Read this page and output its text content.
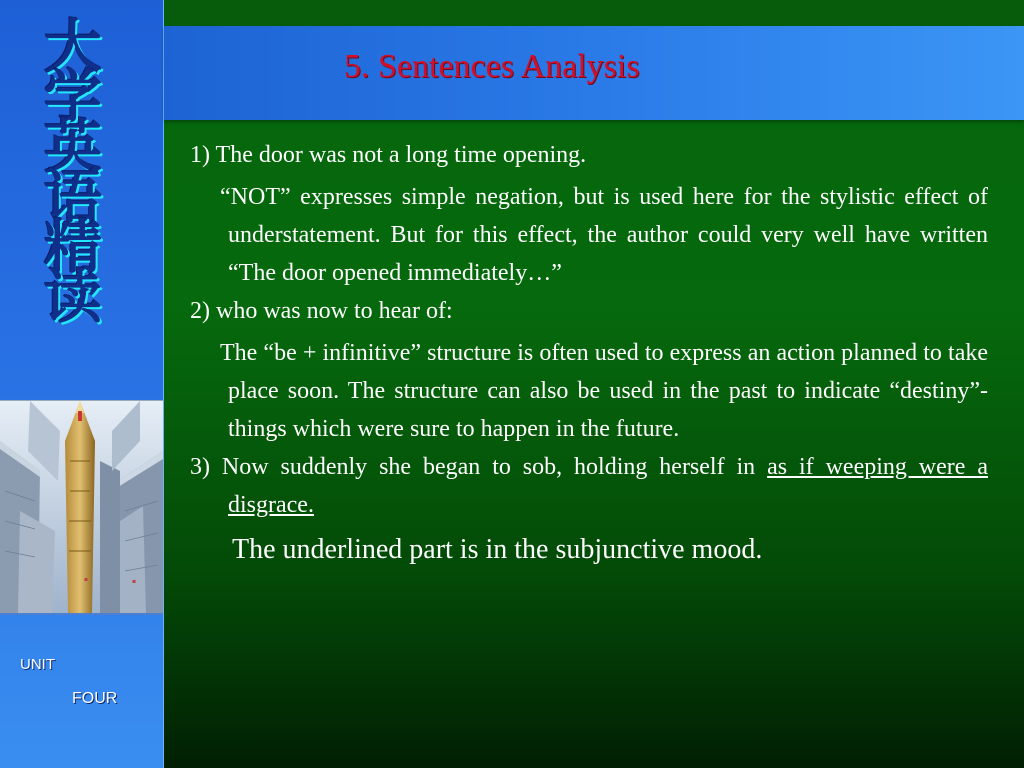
大
学
英
语
精
读
▪	▪
UNIT
FOUR
5. Sentences Analysis

1) The door was not a long time opening.

“NOT” expresses simple negation, but is used here for the stylistic effect of understatement. But for this effect, the author could very well have written “The door opened immediately…”

2) who was now to hear of:

The “be + infinitive” structure is often used to express an action planned to take place soon. The structure can also be used in the past to indicate “destiny”- things which were sure to happen in the future.

3) Now suddenly she began to sob, holding herself in as if weeping were a disgrace.

The underlined part is in the subjunctive mood.
